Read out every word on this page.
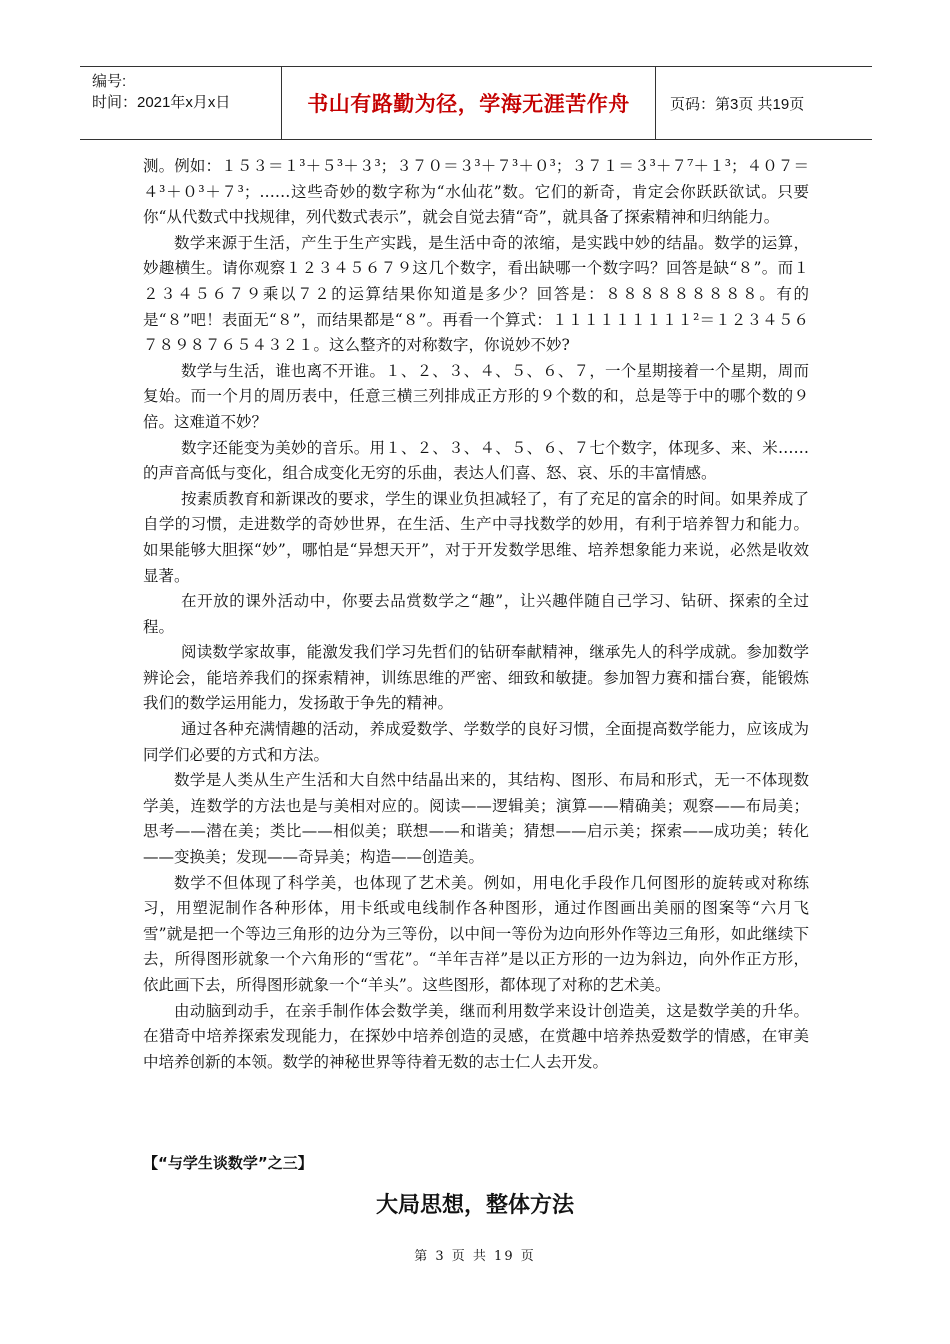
编号:
时间：2021年x月x日	书山有路勤为径，学海无涯苦作舟	页码：第3页 共19页

测。例如：１５３＝１³＋５³＋３³；３７０＝３³＋７³＋０³；３７１＝３³＋７⁷＋１³；４０７＝４³＋０³＋７³；……这些奇妙的数字称为“水仙花”数。它们的新奇，肯定会你跃跃欲试。只要你“从代数式中找规律，列代数式表示”，就会自觉去猜“奇”，就具备了探索精神和归纳能力。

数学来源于生活，产生于生产实践，是生活中奇的浓缩，是实践中妙的结晶。数学的运算，妙趣横生。请你观察１２３４５６７９这几个数字，看出缺哪一个数字吗？回答是缺“８”。而１２３４５６７９乘以７２的运算结果你知道是多少？回答是：８８８８８８８８８。有的是“８”吧！表面无“８”，而结果都是“８”。再看一个算式：１１１１１１１１１²＝１２３４５６７８９８７６５４３２１。这么整齐的对称数字，你说妙不妙?

数学与生活，谁也离不开谁。１、２、３、４、５、６、７，一个星期接着一个星期，周而复始。而一个月的周历表中，任意三横三列排成正方形的９个数的和，总是等于中的哪个数的９倍。这难道不妙？

数字还能变为美妙的音乐。用１、２、３、４、５、６、７七个数字，体现多、来、米……的声音高低与变化，组合成变化无穷的乐曲，表达人们喜、怒、哀、乐的丰富情感。

按素质教育和新课改的要求，学生的课业负担减轻了，有了充足的富余的时间。如果养成了自学的习惯，走进数学的奇妙世界，在生活、生产中寻找数学的妙用，有利于培养智力和能力。如果能够大胆探“妙”，哪怕是“异想天开”，对于开发数学思维、培养想象能力来说，必然是收效显著。

在开放的课外活动中，你要去品赏数学之“趣”，让兴趣伴随自己学习、钻研、探索的全过程。

阅读数学家故事，能激发我们学习先哲们的钻研奉献精神，继承先人的科学成就。参加数学辨论会，能培养我们的探索精神，训练思维的严密、细致和敏捷。参加智力赛和擂台赛，能锻炼我们的数学运用能力，发扬敢于争先的精神。

通过各种充满情趣的活动，养成爱数学、学数学的良好习惯，全面提高数学能力，应该成为同学们必要的方式和方法。

数学是人类从生产生活和大自然中结晶出来的，其结构、图形、布局和形式，无一不体现数学美，连数学的方法也是与美相对应的。阅读——逻辑美；演算——精确美；观察——布局美；思考——潜在美；类比——相似美；联想——和谐美；猜想——启示美；探索——成功美；转化——变换美；发现——奇异美；构造——创造美。

数学不但体现了科学美，也体现了艺术美。例如，用电化手段作几何图形的旋转或对称练习，用塑泥制作各种形体，用卡纸或电线制作各种图形，通过作图画出美丽的图案等“六月飞雪”就是把一个等边三角形的边分为三等份，以中间一等份为边向形外作等边三角形，如此继续下去，所得图形就象一个六角形的“雪花”。“羊年吉祥”是以正方形的一边为斜边，向外作正方形，依此画下去，所得图形就象一个“羊头”。这些图形，都体现了对称的艺术美。

由动脑到动手，在亲手制作体会数学美，继而利用数学来设计创造美，这是数学美的升华。在猎奇中培养探索发现能力，在探妙中培养创造的灵感，在赏趣中培养热爱数学的情感，在审美中培养创新的本领。数学的神秘世界等待着无数的志士仁人去开发。

【“与学生谈数学”之三】
大局思想，整体方法
第 3 页 共 19 页
